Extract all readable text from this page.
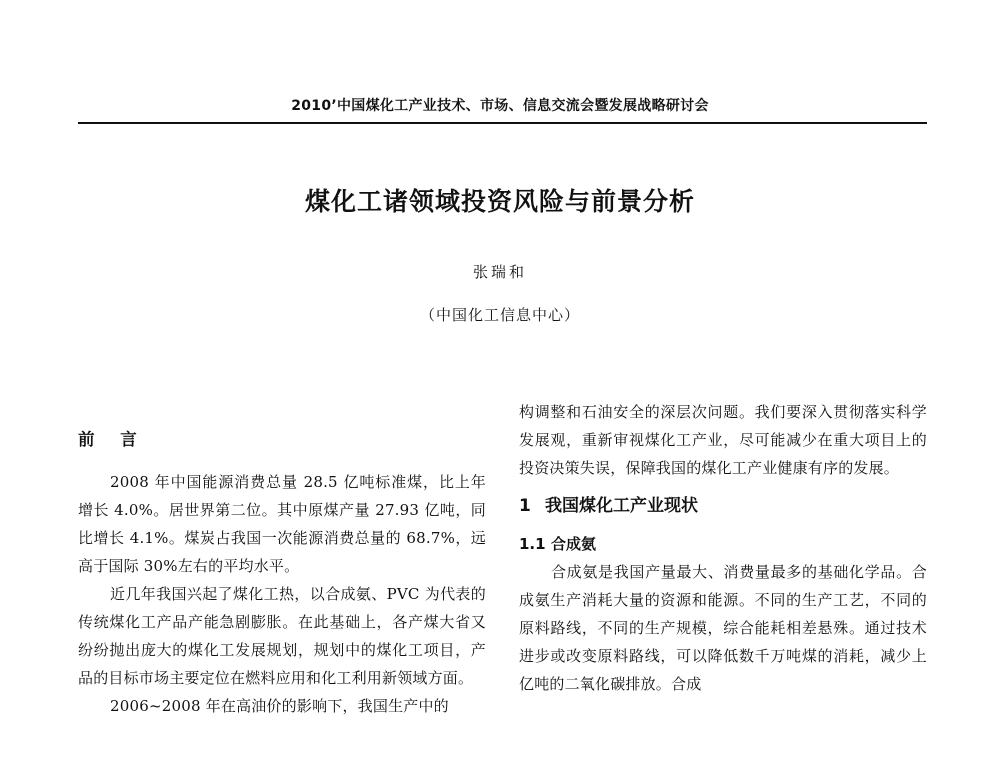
2010’中国煤化工产业技术、市场、信息交流会暨发展战略研讨会
煤化工诸领域投资风险与前景分析
张瑞和
（中国化工信息中心）
前 言

2008 年中国能源消费总量 28.5 亿吨标准煤，比上年增长 4.0%。居世界第二位。其中原煤产量 27.93 亿吨，同比增长 4.1%。煤炭占我国一次能源消费总量的 68.7%，远高于国际 30%左右的平均水平。

近几年我国兴起了煤化工热，以合成氨、PVC 为代表的传统煤化工产品产能急剧膨胀。在此基础上，各产煤大省又纷纷抛出庞大的煤化工发展规划，规划中的煤化工项目，产品的目标市场主要定位在燃料应用和化工利用新领域方面。

2006~2008 年在高油价的影响下，我国生产中的

构调整和石油安全的深层次问题。我们要深入贯彻落实科学发展观，重新审视煤化工产业，尽可能减少在重大项目上的投资决策失误，保障我国的煤化工产业健康有序的发展。

1 我国煤化工产业现状
1.1 合成氨

合成氨是我国产量最大、消费量最多的基础化学品。合成氨生产消耗大量的资源和能源。不同的生产工艺，不同的原料路线，不同的生产规模，综合能耗相差悬殊。通过技术进步或改变原料路线，可以降低数千万吨煤的消耗，减少上亿吨的二氧化碳排放。合成
